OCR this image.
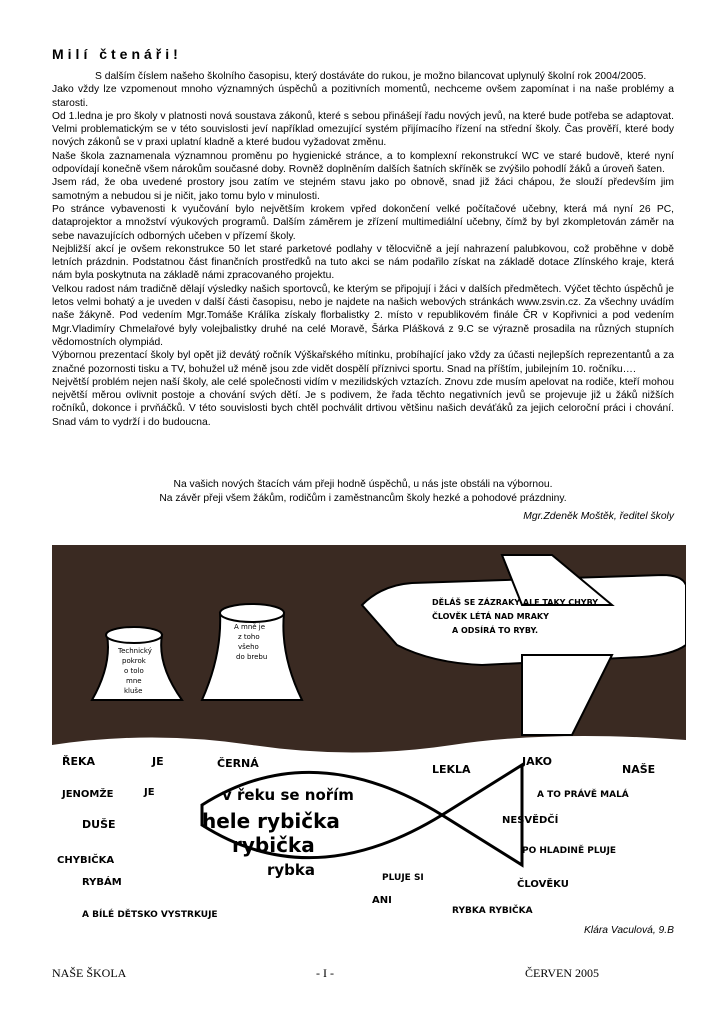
Milí čtenáři!

S dalším číslem našeho školního časopisu, který dostáváte do rukou, je možno bilancovat uplynulý školní rok 2004/2005.

Jako vždy lze vzpomenout mnoho významných úspěchů a pozitivních momentů, nechceme ovšem zapomínat i na naše problémy a starosti.

Od 1.ledna je pro školy v platnosti nová soustava zákonů, které s sebou přinášejí řadu nových jevů, na které bude potřeba se adaptovat. Velmi problematickým se v této souvislosti jeví například omezující systém přijímacího řízení na střední školy. Čas prověří, které body nových zákonů se v praxi uplatní kladně a které budou vyžadovat změnu.

Naše škola zaznamenala významnou proměnu po hygienické stránce, a to komplexní rekonstrukcí WC ve staré budově, které nyní odpovídají konečně všem nárokům současné doby. Rovněž doplněním dalších šatních skříněk se zvýšilo pohodlí žáků a úroveň šaten.

Jsem rád, že oba uvedené prostory jsou zatím ve stejném stavu jako po obnově, snad již žáci chápou, že slouží především jim samotným a nebudou si je ničit, jako tomu bylo v minulosti.

Po stránce vybavenosti k vyučování bylo největším krokem vpřed dokončení velké počítačové učebny, která má nyní 26 PC, dataprojektor a množství výukových programů. Dalším záměrem je zřízení multimediální učebny, čímž by byl zkompletován záměr na sebe navazujících odborných učeben v přízemí školy.

Nejbližší akcí je ovšem rekonstrukce 50 let staré parketové podlahy v tělocvičně a její nahrazení palubkovou, což proběhne v době letních prázdnin. Podstatnou část finančních prostředků na tuto akci se nám podařilo získat na základě dotace Zlínského kraje, která nám byla poskytnuta na základě námi zpracovaného projektu.

Velkou radost nám tradičně dělají výsledky našich sportovců, ke kterým se připojují i žáci v dalších předmětech. Výčet těchto úspěchů je letos velmi bohatý a je uveden v další části časopisu, nebo je najdete na našich webových stránkách www.zsvin.cz. Za všechny uvádím naše žákyně. Pod vedením Mgr.Tomáše Králíka získaly florbalistky 2. místo v republikovém finále ČR v Kopřivnici a pod vedením Mgr.Vladimíry Chmelařové byly volejbalistky druhé na celé Moravě, Šárka Plášková z 9.C se výrazně prosadila na různých stupních vědomostních olympiád.

Výbornou prezentací školy byl opět již devátý ročník Výškařského mítinku, probíhající jako vždy za účasti nejlepších reprezentantů a za značné pozornosti tisku a TV, bohužel už méně jsou zde vidět dospělí příznivci sportu. Snad na příštím, jubilejním 10. ročníku….

Největší problém nejen naší školy, ale celé společnosti vidím v mezilidských vztazích. Znovu zde musím apelovat na rodiče, kteří mohou největší měrou ovlivnit postoje a chování svých dětí. Je s podivem, že řada těchto negativních jevů se projevuje již u žáků nižších ročníků, dokonce i prvňáčků. V této souvislosti bych chtěl pochválit drtivou většinu našich deváťáků za jejich celoroční práci i chování. Snad vám to vydrží i do budoucna.

Na vašich nových štacích vám přeji hodně úspěchů, u nás jste obstáli na výbornou.
Na závěr přeji všem žákům, rodičům i zaměstnancům školy hezké a pohodové prázdniny.
Mgr.Zdeněk Moštěk, ředitel školy
DĚLÁŠ SE ZÁZRAKY ALE TAKY CHYBY
ČLOVĚK LÉTÁ NAD MRAKY
A ODSÍRÁ TO RYBY.
Technický
pokrok
o tolo
mne
kluše
A mně je
z toho
všeho
do brebu
v řeku se nořím
hele rybička
rybička
rybka
ŘEKA	JE	ČERNÁ	LEKLA
JAKO
NAŠE
JENOMŽE	JE	A TO PRÁVĚ MALÁ
DUŠE	NESVĚDČÍ
CHYBIČKA
PO HLADINĚ PLUJE
RYBÁM	PLUJE SI
ČLOVĚKU
ANI
A BÍLÉ DĚTSKO VYSTRKUJE	RYBKA RYBIČKA
Klára Vaculová, 9.B
NAŠE ŠKOLA	- I -	ČERVEN 2005
